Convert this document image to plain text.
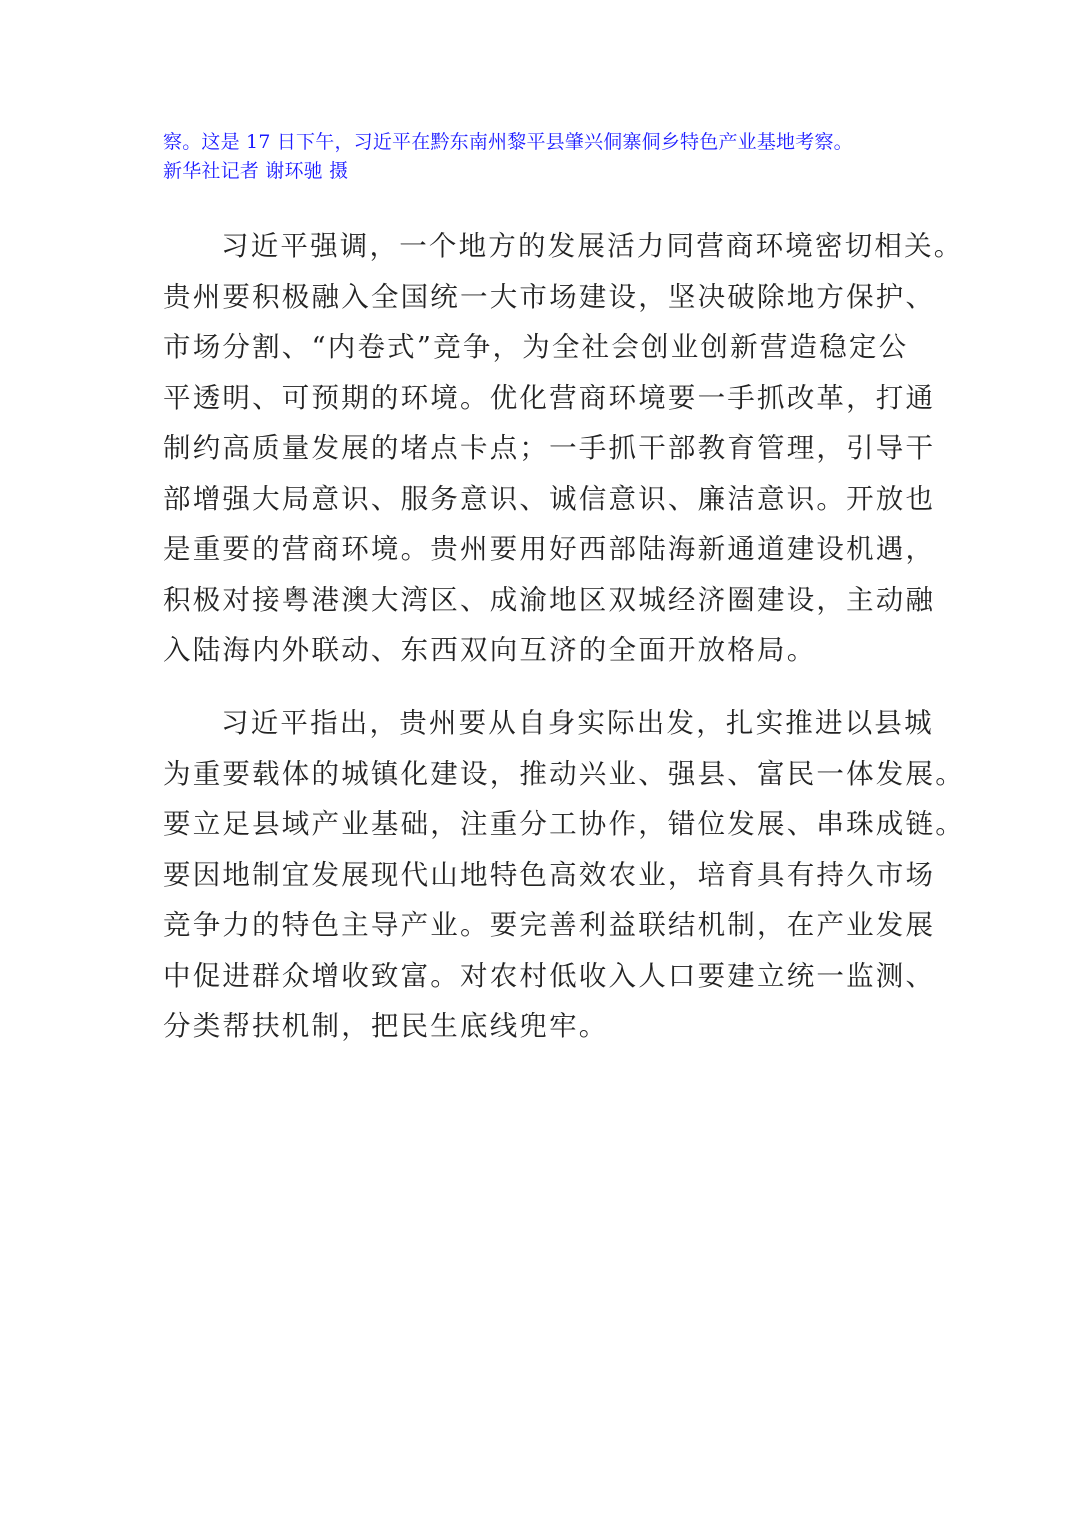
察。这是 17 日下午，习近平在黔东南州黎平县肇兴侗寨侗乡特色产业基地考察。
新华社记者 谢环驰 摄
习近平强调，一个地方的发展活力同营商环境密切相关。
贵州要积极融入全国统一大市场建设，坚决破除地方保护、
市场分割、“内卷式”竞争，为全社会创业创新营造稳定公
平透明、可预期的环境。优化营商环境要一手抓改革，打通
制约高质量发展的堵点卡点；一手抓干部教育管理，引导干
部增强大局意识、服务意识、诚信意识、廉洁意识。开放也
是重要的营商环境。贵州要用好西部陆海新通道建设机遇，
积极对接粤港澳大湾区、成渝地区双城经济圈建设，主动融
入陆海内外联动、东西双向互济的全面开放格局。
习近平指出，贵州要从自身实际出发，扎实推进以县城
为重要载体的城镇化建设，推动兴业、强县、富民一体发展。
要立足县域产业基础，注重分工协作，错位发展、串珠成链。
要因地制宜发展现代山地特色高效农业，培育具有持久市场
竞争力的特色主导产业。要完善利益联结机制，在产业发展
中促进群众增收致富。对农村低收入人口要建立统一监测、
分类帮扶机制，把民生底线兜牢。
